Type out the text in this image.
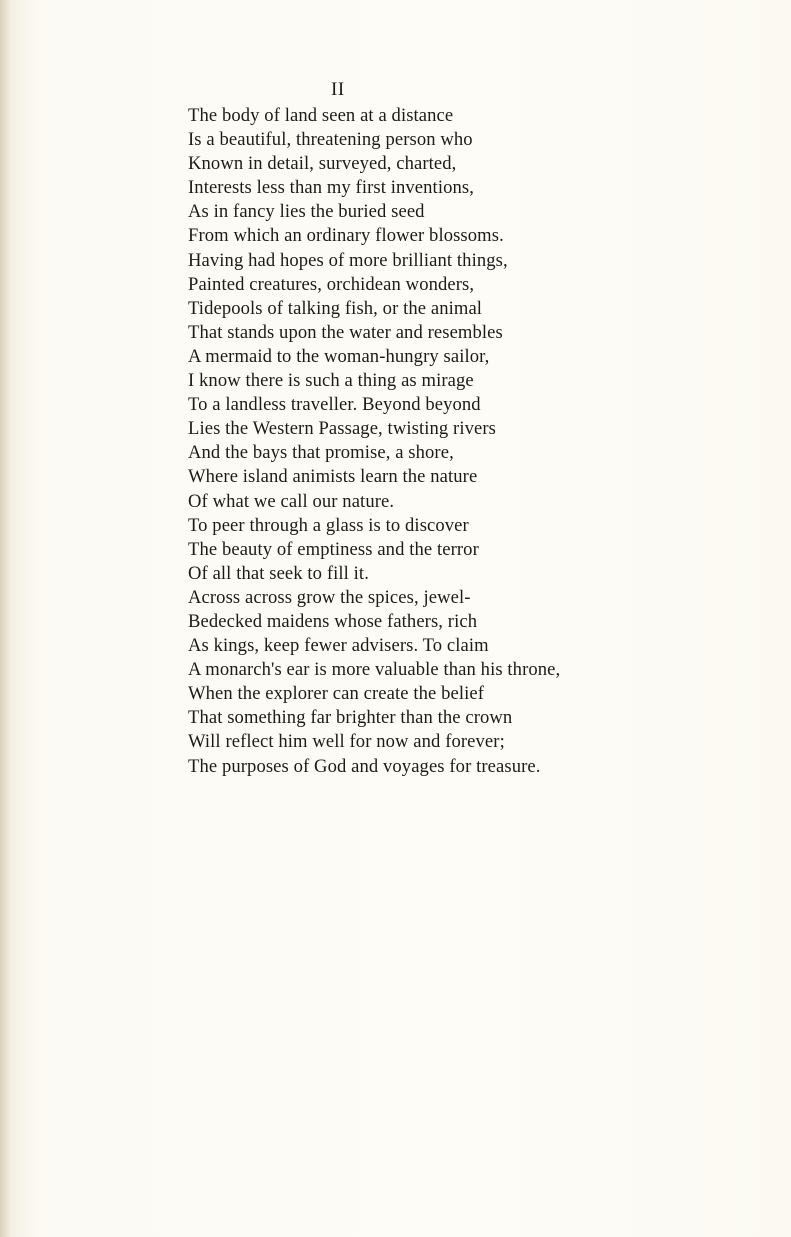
II
The body of land seen at a distance
Is a beautiful, threatening person who
Known in detail, surveyed, charted,
Interests less than my first inventions,
As in fancy lies the buried seed
From which an ordinary flower blossoms.
Having had hopes of more brilliant things,
Painted creatures, orchidean wonders,
Tidepools of talking fish, or the animal
That stands upon the water and resembles
A mermaid to the woman-hungry sailor,
I know there is such a thing as mirage
To a landless traveller. Beyond beyond
Lies the Western Passage, twisting rivers
And the bays that promise, a shore,
Where island animists learn the nature
Of what we call our nature.
To peer through a glass is to discover
The beauty of emptiness and the terror
Of all that seek to fill it.
Across across grow the spices, jewel-
Bedecked maidens whose fathers, rich
As kings, keep fewer advisers. To claim
A monarch's ear is more valuable than his throne,
When the explorer can create the belief
That something far brighter than the crown
Will reflect him well for now and forever;
The purposes of God and voyages for treasure.
